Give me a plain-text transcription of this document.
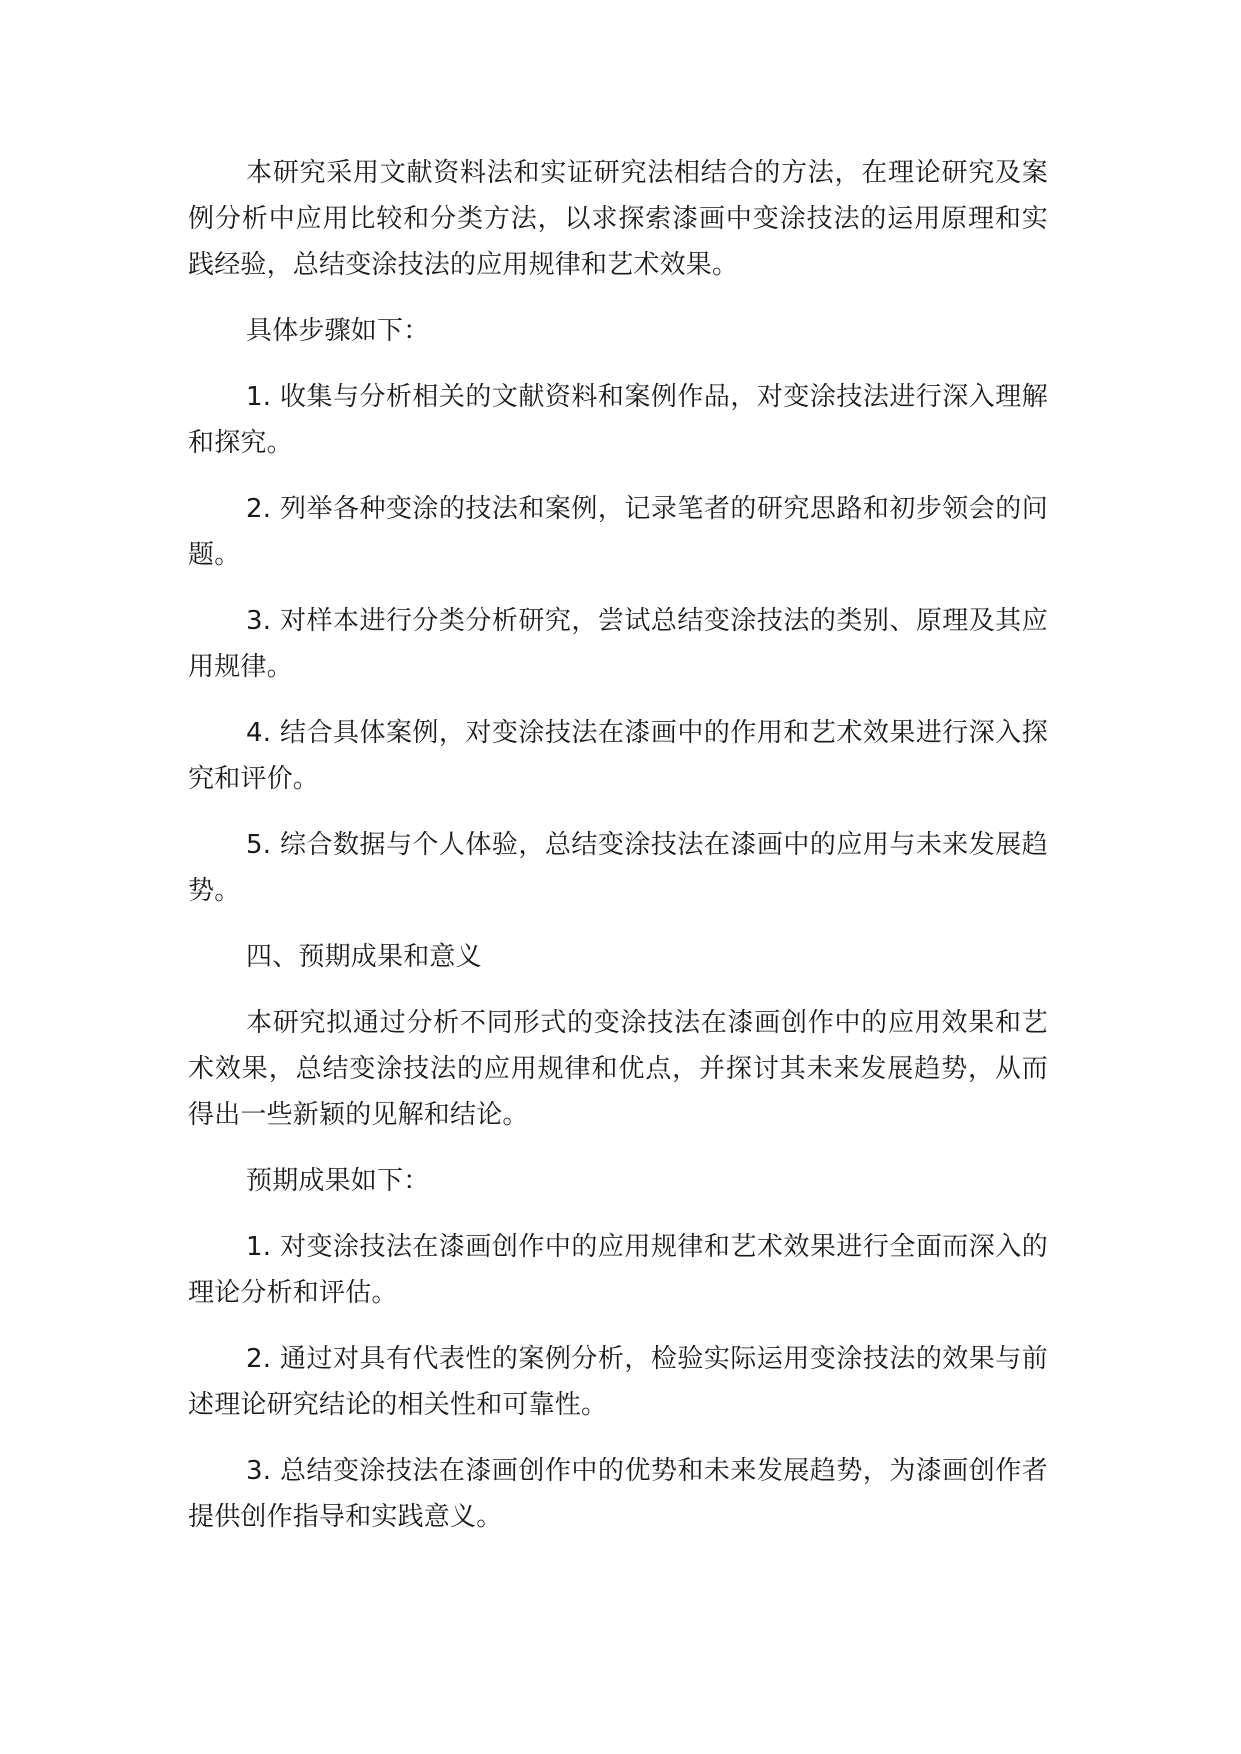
本研究采用文献资料法和实证研究法相结合的方法，在理论研究及案例分析中应用比较和分类方法，以求探索漆画中变涂技法的运用原理和实践经验，总结变涂技法的应用规律和艺术效果。

具体步骤如下：

1. 收集与分析相关的文献资料和案例作品，对变涂技法进行深入理解和探究。

2. 列举各种变涂的技法和案例，记录笔者的研究思路和初步领会的问题。

3. 对样本进行分类分析研究，尝试总结变涂技法的类别、原理及其应用规律。

4. 结合具体案例，对变涂技法在漆画中的作用和艺术效果进行深入探究和评价。

5. 综合数据与个人体验，总结变涂技法在漆画中的应用与未来发展趋势。

四、预期成果和意义

本研究拟通过分析不同形式的变涂技法在漆画创作中的应用效果和艺术效果，总结变涂技法的应用规律和优点，并探讨其未来发展趋势，从而得出一些新颖的见解和结论。

预期成果如下：

1. 对变涂技法在漆画创作中的应用规律和艺术效果进行全面而深入的理论分析和评估。

2. 通过对具有代表性的案例分析，检验实际运用变涂技法的效果与前述理论研究结论的相关性和可靠性。

3. 总结变涂技法在漆画创作中的优势和未来发展趋势，为漆画创作者提供创作指导和实践意义。
